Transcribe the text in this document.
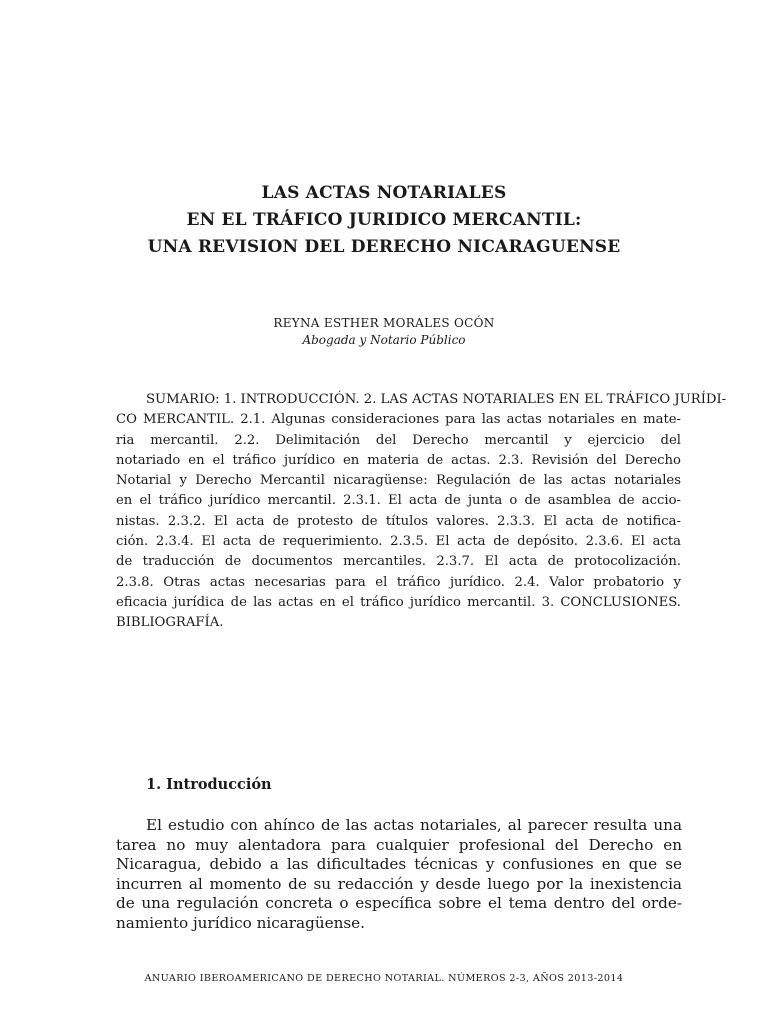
LAS ACTAS NOTARIALES
EN EL TRÁFICO JURIDICO MERCANTIL:
UNA REVISION DEL DERECHO NICARAGUENSE
REYNA ESTHER MORALES OCÓN
Abogada y Notario Público
SUMARIO: 1. INTRODUCCIÓN. 2. LAS ACTAS NOTARIALES EN EL TRÁFICO JURÍDI-
CO MERCANTIL. 2.1. Algunas consideraciones para las actas notariales en mate-
ria mercantil. 2.2. Delimitación del Derecho mercantil y ejercicio del
notariado en el tráfico jurídico en materia de actas. 2.3. Revisión del Derecho
Notarial y Derecho Mercantil nicaragüense: Regulación de las actas notariales
en el tráfico jurídico mercantil. 2.3.1. El acta de junta o de asamblea de accio-
nistas. 2.3.2. El acta de protesto de títulos valores. 2.3.3. El acta de notifica-
ción. 2.3.4. El acta de requerimiento. 2.3.5. El acta de depósito. 2.3.6. El acta
de traducción de documentos mercantiles. 2.3.7. El acta de protocolización.
2.3.8. Otras actas necesarias para el tráfico jurídico. 2.4. Valor probatorio y
eficacia jurídica de las actas en el tráfico jurídico mercantil. 3. CONCLUSIONES.
BIBLIOGRAFÍA.
1. Introducción
El estudio con ahínco de las actas notariales, al parecer resulta una
tarea no muy alentadora para cualquier profesional del Derecho en
Nicaragua, debido a las dificultades técnicas y confusiones en que se
incurren al momento de su redacción y desde luego por la inexistencia
de una regulación concreta o específica sobre el tema dentro del orde-
namiento jurídico nicaragüense.
ANUARIO IBEROAMERICANO DE DERECHO NOTARIAL. NÚMEROS 2-3, AÑOS 2013-2014
